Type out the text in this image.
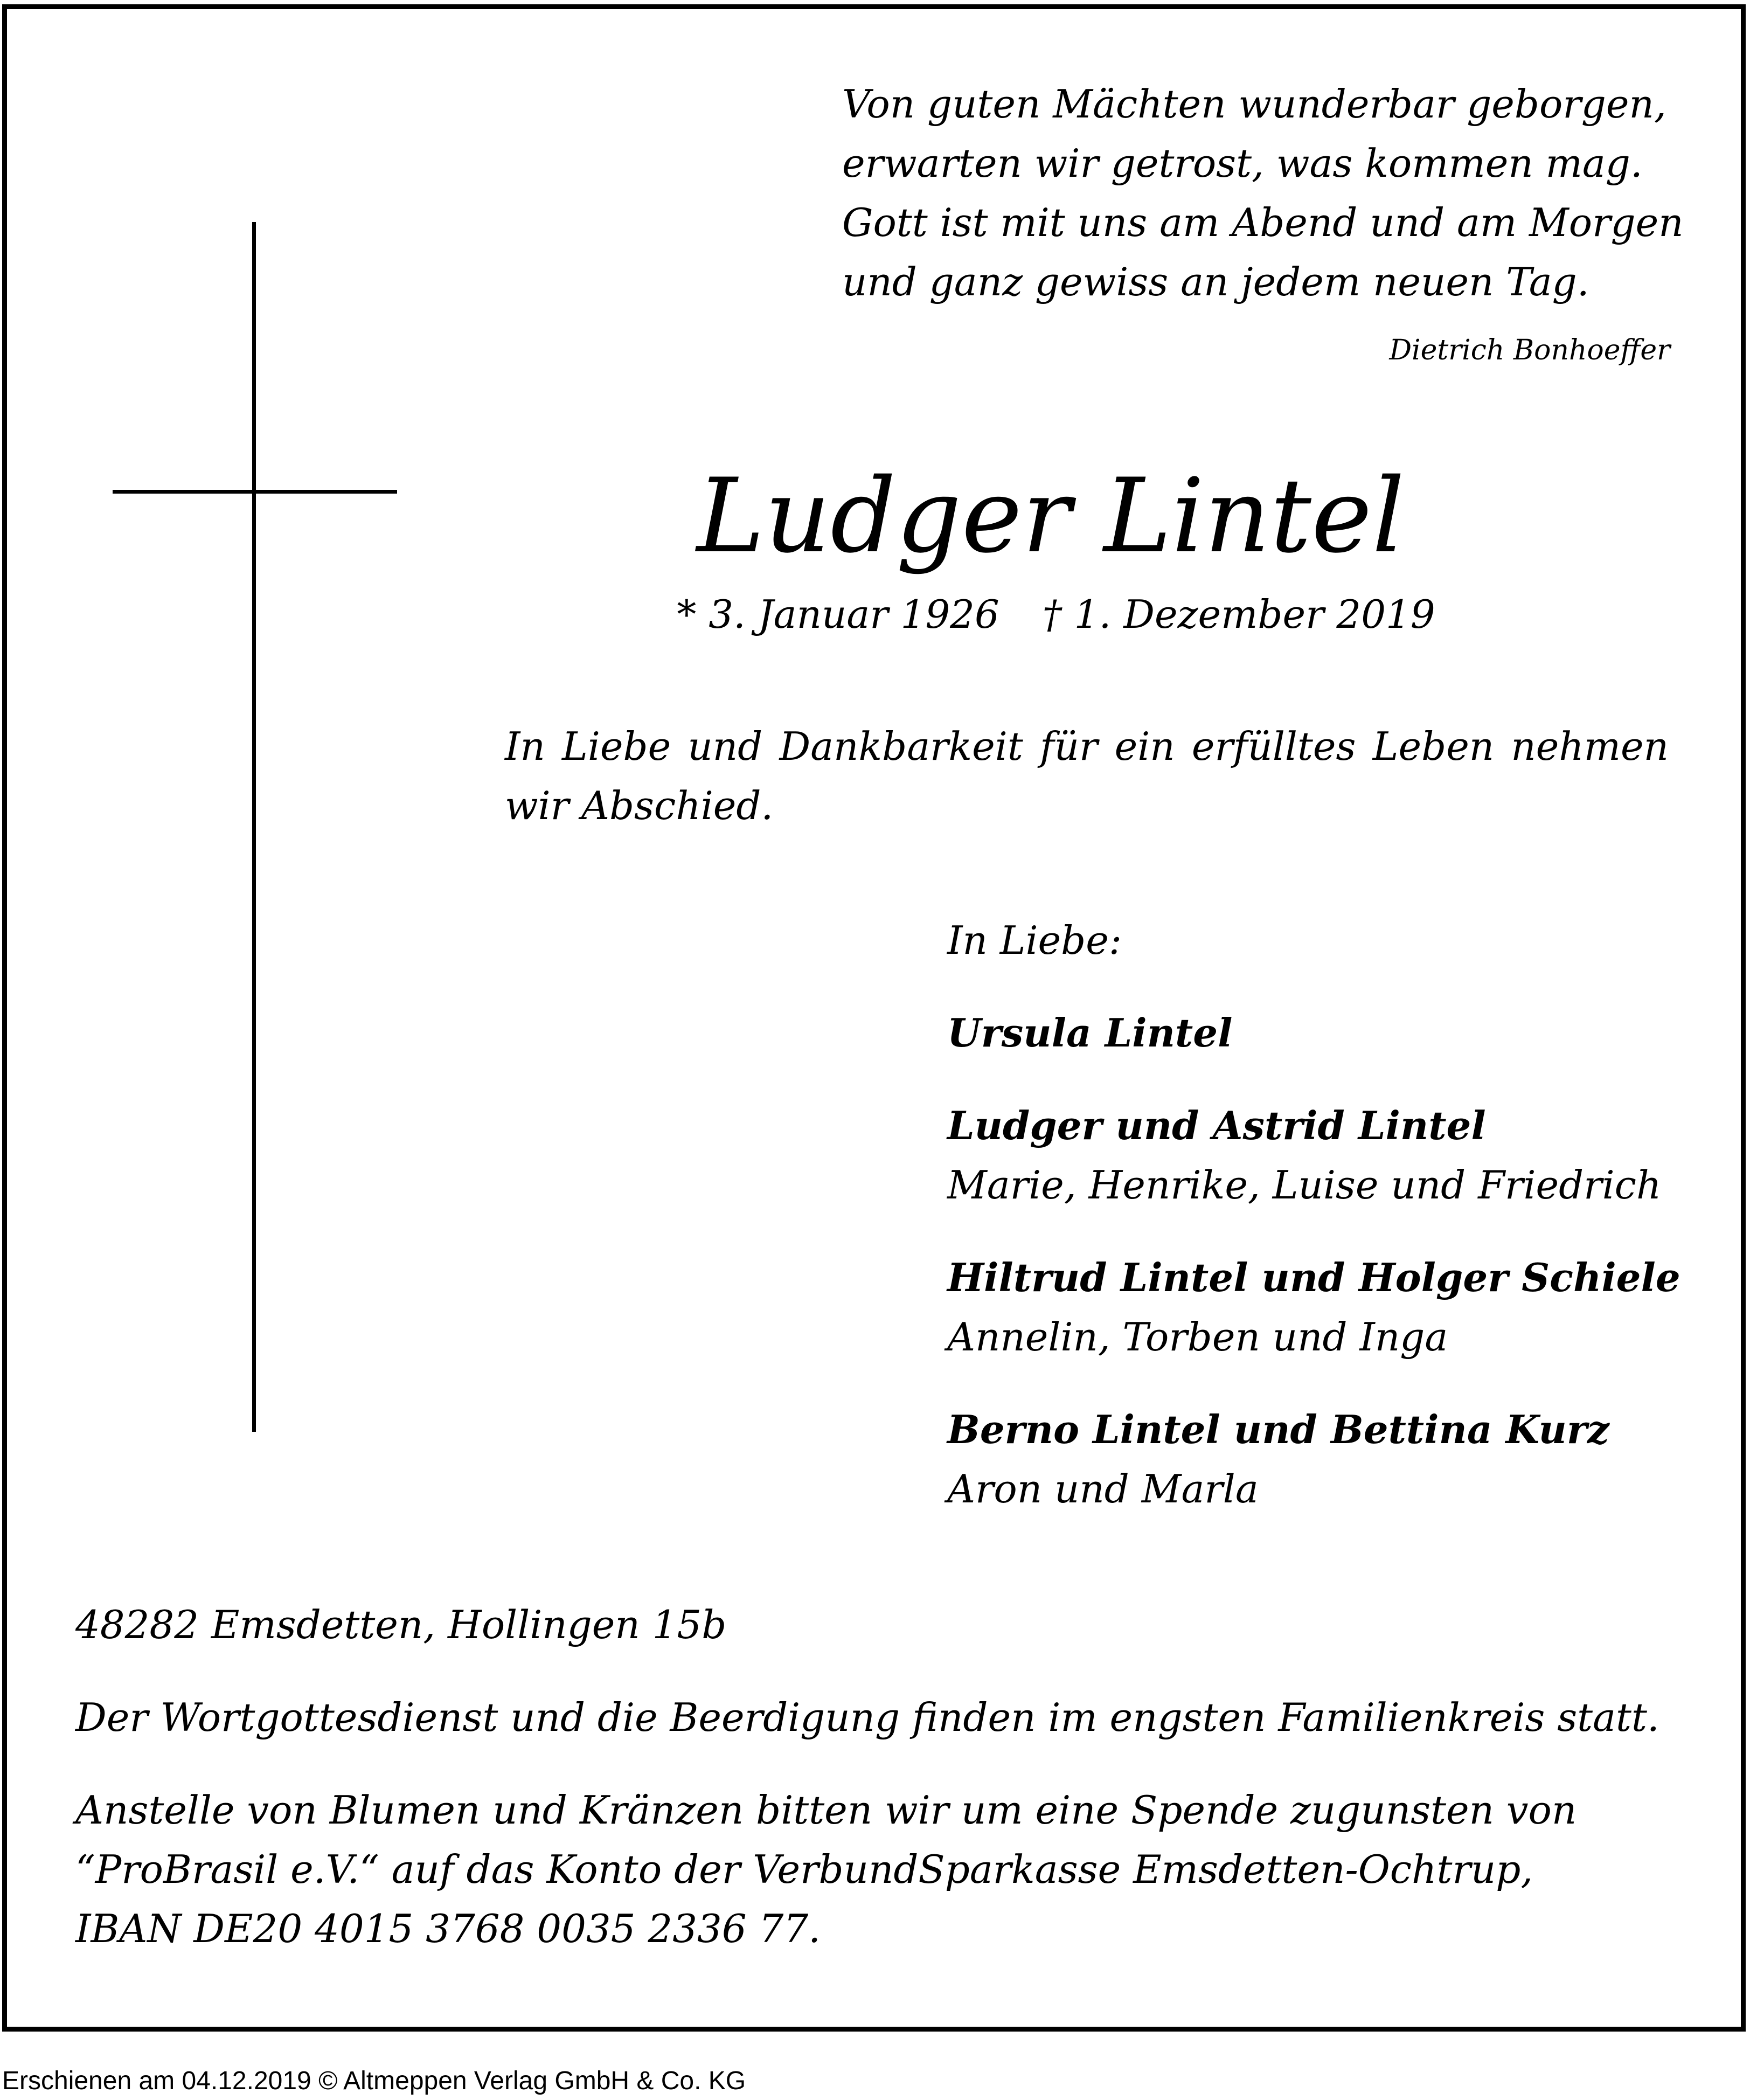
Von guten Mächten wunderbar geborgen,
erwarten wir getrost, was kommen mag.
Gott ist mit uns am Abend und am Morgen
und ganz gewiss an jedem neuen Tag.
Dietrich Bonhoeffer
Ludger Lintel
* 3. Januar 1926 † 1. Dezember 2019
In Liebe und Dankbarkeit für ein erfülltes Leben nehmen wir Abschied.
In Liebe:
Ursula Lintel
Ludger und Astrid Lintel
Marie, Henrike, Luise und Friedrich
Hiltrud Lintel und Holger Schiele
Annelin, Torben und Inga
Berno Lintel und Bettina Kurz
Aron und Marla
48282 Emsdetten, Hollingen 15b
Der Wortgottesdienst und die Beerdigung finden im engsten Familienkreis statt.
Anstelle von Blumen und Kränzen bitten wir um eine Spende zugunsten von
“ProBrasil e.V.“ auf das Konto der VerbundSparkasse Emsdetten-Ochtrup,
IBAN DE20 4015 3768 0035 2336 77.
Erschienen am 04.12.2019 © Altmeppen Verlag GmbH & Co. KG
